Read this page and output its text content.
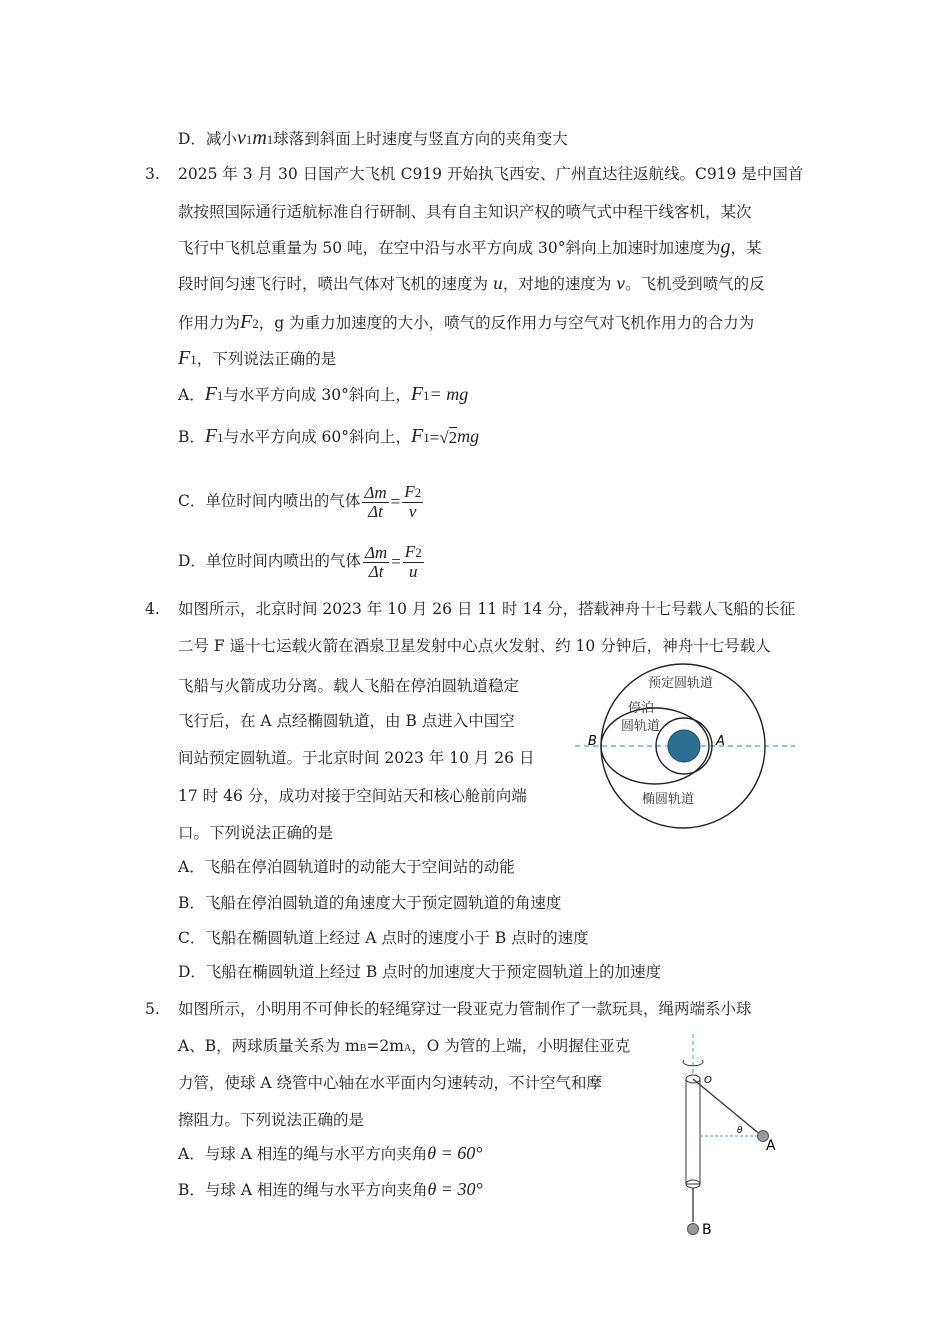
D．减小v1m1球落到斜面上时速度与竖直方向的夹角变大
3. 2025 年 3 月 30 日国产大飞机 C919 开始执飞西安、广州直达往返航线。C919 是中国首
款按照国际通行适航标准自行研制、具有自主知识产权的喷气式中程干线客机，某次
飞行中飞机总重量为 50 吨，在空中沿与水平方向成 30°斜向上加速时加速度为g，某
段时间匀速飞行时，喷出气体对飞机的速度为 u，对地的速度为 v。飞机受到喷气的反
作用力为F2，g 为重力加速度的大小，喷气的反作用力与空气对飞机作用力的合力为
F1，下列说法正确的是
A．F1与水平方向成 30°斜向上，F1= mg
B．F1与水平方向成 60°斜向上，F1=√2mg
C．单位时间内喷出的气体 $\frac{\Delta m}{\Delta t} = \frac{F2}{v}$
D．单位时间内喷出的气体 $\frac{\Delta m}{\Delta t} = \frac{F2}{u}$
4. 如图所示，北京时间 2023 年 10 月 26 日 11 时 14 分，搭载神舟十七号载人飞船的长征
二号 F 遥十七运载火箭在酒泉卫星发射中心点火发射、约 10 分钟后，神舟十七号载人
飞船与火箭成功分离。载人飞船在停泊圆轨道稳定
飞行后，在 A 点经椭圆轨道，由 B 点进入中国空
间站预定圆轨道。于北京时间 2023 年 10 月 26 日
17 时 46 分，成功对接于空间站天和核心舱前向端
口。下列说法正确的是
A．飞船在停泊圆轨道时的动能大于空间站的动能
B．飞船在停泊圆轨道的角速度大于预定圆轨道的角速度
C．飞船在椭圆轨道上经过 A 点时的速度小于 B 点时的速度
D．飞船在椭圆轨道上经过 B 点时的加速度大于预定圆轨道上的加速度
预定圆轨道
停泊
圆轨道
椭圆轨道
B	A
5. 如图所示，小明用不可伸长的轻绳穿过一段亚克力管制作了一款玩具，绳两端系小球
A、B，两球质量关系为 mB=2mA，O 为管的上端，小明握住亚克
力管，使球 A 绕管中心轴在水平面内匀速转动，不计空气和摩
擦阻力。下列说法正确的是
A．与球 A 相连的绳与水平方向夹角θ = 60°
B．与球 A 相连的绳与水平方向夹角θ = 30°
O
θ
A
B
